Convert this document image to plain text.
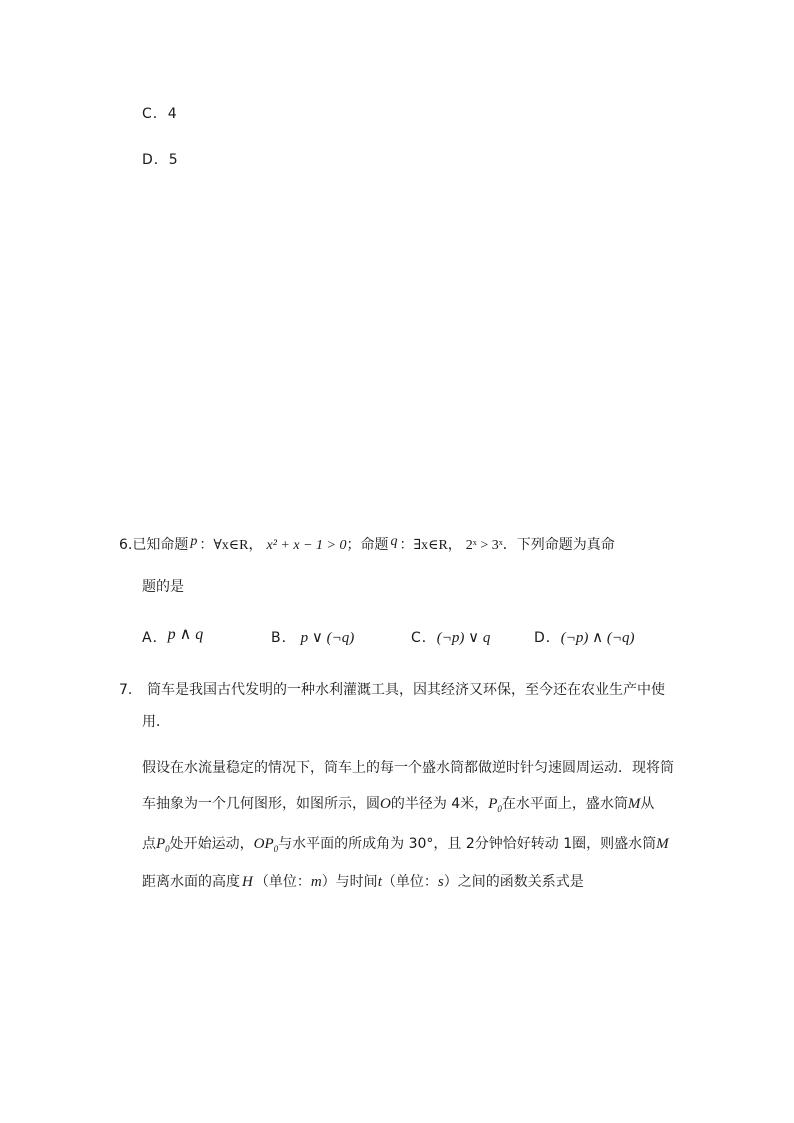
C．4
D．5
6.已知命题 p ：∀x∈R， x² + x − 1 > 0；命题 q ：∃x∈R， 2ˣ > 3ˣ．下列命题为真命
题的是
A．p ∧ q	B． p ∨ (¬q)	C．(¬p) ∨ q	D．(¬p) ∧ (¬q)
7. 筒车是我国古代发明的一种水利灌溉工具，因其经济又环保，至今还在农业生产中使
用．
假设在水流量稳定的情况下，筒车上的每一个盛水筒都做逆时针匀速圆周运动．现将筒
车抽象为一个几何图形，如图所示，圆O的半径为 4米，$P_0$在水平面上，盛水筒M从
点$P_0$处开始运动，$OP_0$与水平面的所成角为 30°，且 2分钟恰好转动 1圈，则盛水筒M
距离水面的高度 H （单位：m）与时间t（单位：s）之间的函数关系式是
